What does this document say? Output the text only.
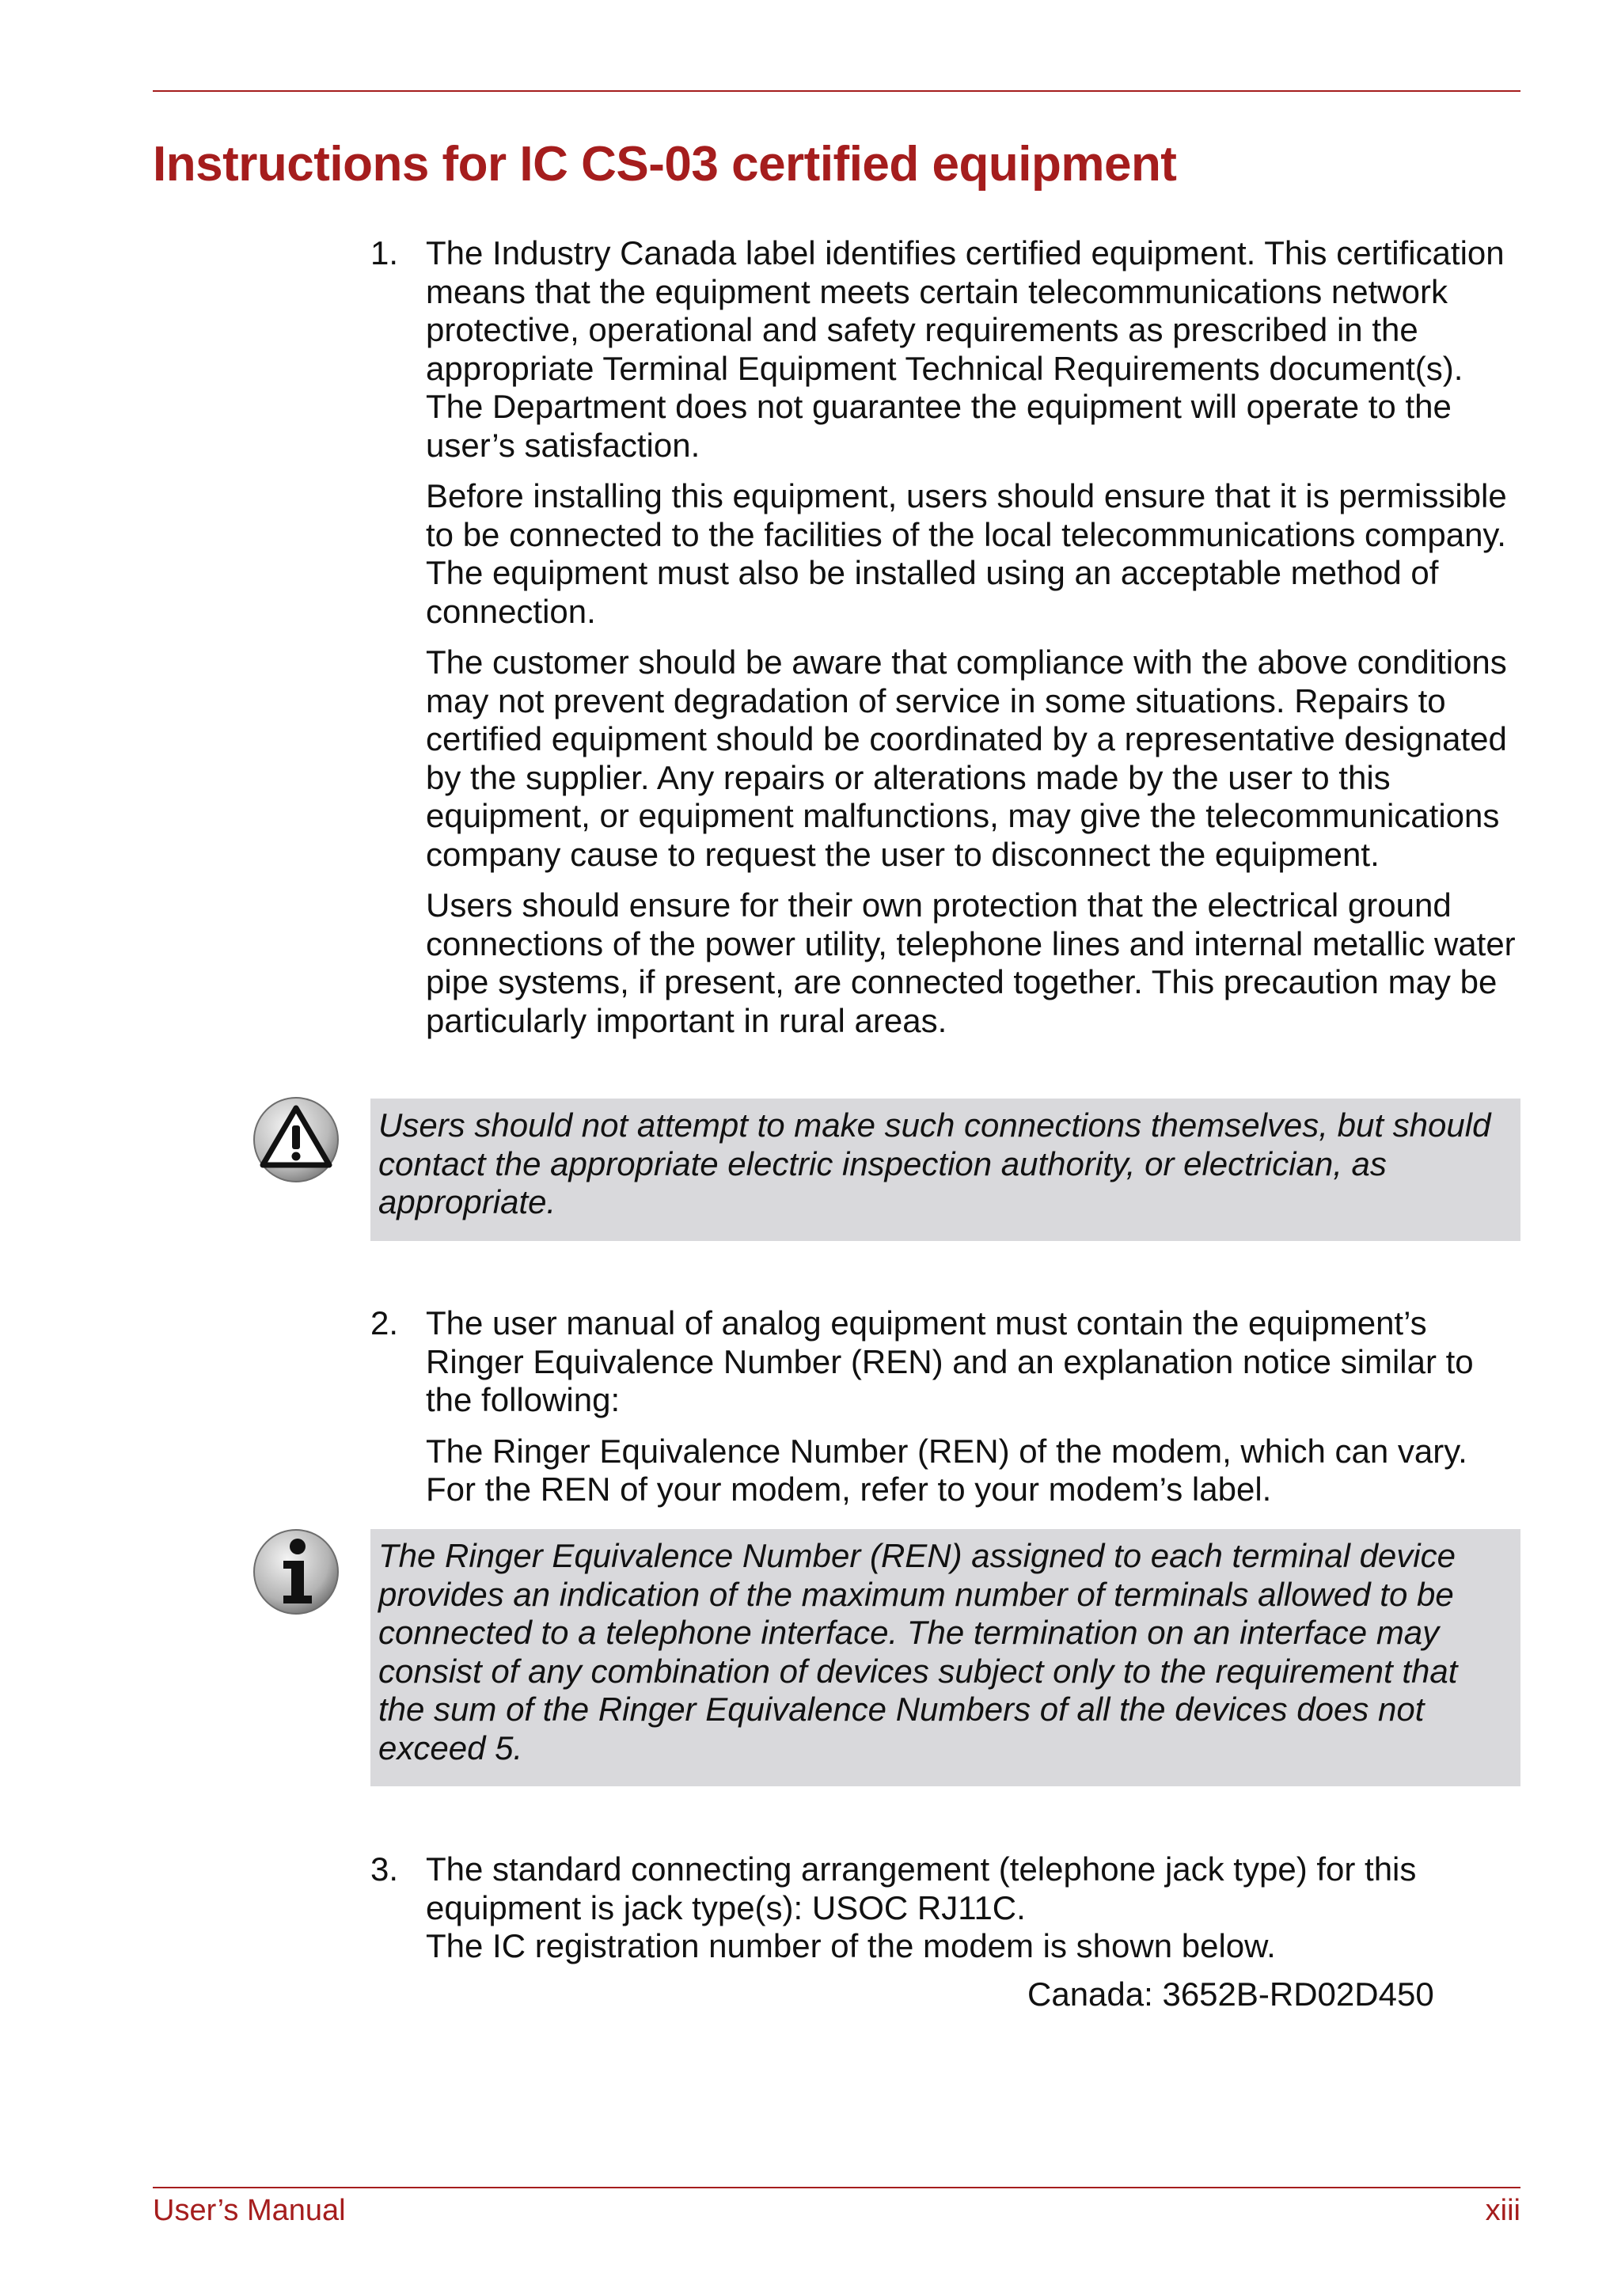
Instructions for IC CS-03 certified equipment
1. The Industry Canada label identifies certified equipment. This certification means that the equipment meets certain telecommunications network protective, operational and safety requirements as prescribed in the appropriate Terminal Equipment Technical Requirements document(s). The Department does not guarantee the equipment will operate to the user’s satisfaction.
Before installing this equipment, users should ensure that it is permissible to be connected to the facilities of the local telecommunications company. The equipment must also be installed using an acceptable method of connection.
The customer should be aware that compliance with the above conditions may not prevent degradation of service in some situations. Repairs to certified equipment should be coordinated by a representative designated by the supplier. Any repairs or alterations made by the user to this equipment, or equipment malfunctions, may give the telecommunications company cause to request the user to disconnect the equipment.
Users should ensure for their own protection that the electrical ground connections of the power utility, telephone lines and internal metallic water pipe systems, if present, are connected together. This precaution may be particularly important in rural areas.
Users should not attempt to make such connections themselves, but should contact the appropriate electric inspection authority, or electrician, as appropriate.
2. The user manual of analog equipment must contain the equipment’s Ringer Equivalence Number (REN) and an explanation notice similar to the following:
The Ringer Equivalence Number (REN) of the modem, which can vary. For the REN of your modem, refer to your modem’s label.
The Ringer Equivalence Number (REN) assigned to each terminal device provides an indication of the maximum number of terminals allowed to be connected to a telephone interface. The termination on an interface may consist of any combination of devices subject only to the requirement that the sum of the Ringer Equivalence Numbers of all the devices does not exceed 5.
3. The standard connecting arrangement (telephone jack type) for this equipment is jack type(s): USOC RJ11C.
The IC registration number of the modem is shown below.
Canada: 3652B-RD02D450
User’s Manual	xiii
